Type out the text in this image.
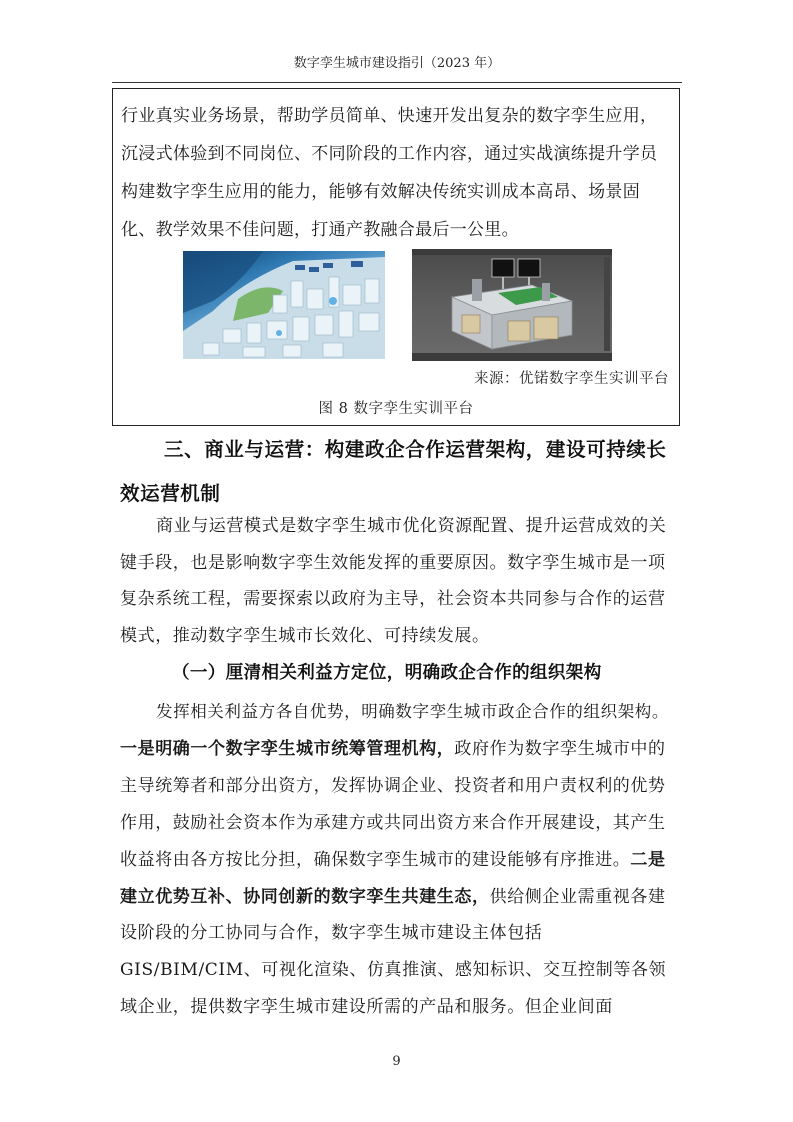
数字孪生城市建设指引（2023 年）

行业真实业务场景，帮助学员简单、快速开发出复杂的数字孪生应用，沉浸式体验到不同岗位、不同阶段的工作内容，通过实战演练提升学员构建数字孪生应用的能力，能够有效解决传统实训成本高昂、场景固化、教学效果不佳问题，打通产教融合最后一公里。

来源：优锘数字孪生实训平台
图 8 数字孪生实训平台
三、商业与运营：构建政企合作运营架构，建设可持续长效运营机制

商业与运营模式是数字孪生城市优化资源配置、提升运营成效的关键手段，也是影响数字孪生效能发挥的重要原因。数字孪生城市是一项复杂系统工程，需要探索以政府为主导，社会资本共同参与合作的运营模式，推动数字孪生城市长效化、可持续发展。

（一）厘清相关利益方定位，明确政企合作的组织架构

发挥相关利益方各自优势，明确数字孪生城市政企合作的组织架构。一是明确一个数字孪生城市统筹管理机构，政府作为数字孪生城市中的主导统筹者和部分出资方，发挥协调企业、投资者和用户责权利的优势作用，鼓励社会资本作为承建方或共同出资方来合作开展建设，其产生收益将由各方按比分担，确保数字孪生城市的建设能够有序推进。二是建立优势互补、协同创新的数字孪生共建生态，供给侧企业需重视各建设阶段的分工协同与合作，数字孪生城市建设主体包括 GIS/BIM/CIM、可视化渲染、仿真推演、感知标识、交互控制等各领域企业，提供数字孪生城市建设所需的产品和服务。但企业间面

9
